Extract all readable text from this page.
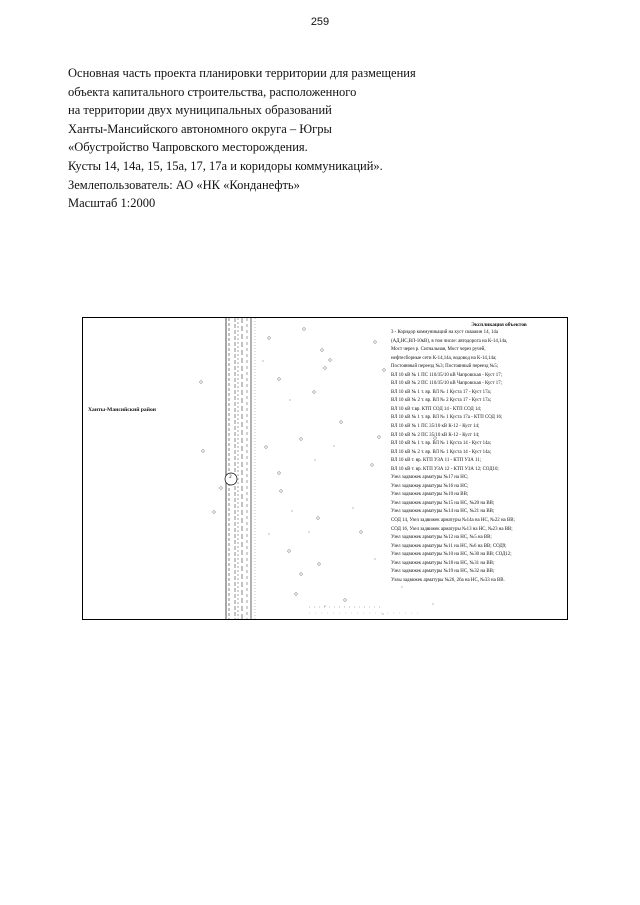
259
Основная часть проекта планировки территории для размещения
объекта капитального строительства, расположенного
на территории двух муниципальных образований
Ханты-Мансийского автономного округа – Югры
«Обустройство Чапровского месторождения.
Кусты 14, 14а, 15, 15а, 17, 17а и коридоры коммуникаций».
Землепользователь: АО «НК «Конданефть»
Масштаб 1:2000
Ханты-Мансийский район
3
Экспликация объектов
3 - Коридор коммуникаций на куст скважин 14, 14а
(АД,НС,ВЛ-10кВ), в том числе: автодорога на К-14,14а,
Мост через р. Сигнальная, Мост через ручей,
нефтесборные сети К-14,14а, водовод на К-14,14а;
Постоянный переезд №3; Постоянный переезд №5;
ВЛ 10 кВ № 1 ПС 110/35/10 кВ Чапровская - Куст 17;
ВЛ 10 кВ № 2 ПС 110/35/10 кВ Чапровская - Куст 17;
ВЛ 10 кВ № 1 т. вр. ВЛ № 1 Куста 17 - Куст 17а;
ВЛ 10 кВ № 2 т. вр. ВЛ № 2 Куста 17 - Куст 17а;
ВЛ 10 кВ т.вр. КТП СОД 14 - КТП СОД 14;
ВЛ 10 кВ № 1 т. вр. ВЛ № 1 Куста 17а - КТП СОД 16;
ВЛ 10 кВ № 1 ПС 35/10 кВ К-12 - Куст 14;
ВЛ 10 кВ № 2 ПС 35/10 кВ К-12 - Куст 14;
ВЛ 10 кВ № 1 т. вр. ВЛ № 1 Куста 14 - Куст 14а;
ВЛ 10 кВ № 2 т. вр. ВЛ № 1 Куста 14 - Куст 14а;
ВЛ 10 кВ т. вр. КТП УЗА 11 - КТП УЗА 11;
ВЛ 10 кВ т. вр. КТП УЗА 12 - КТП УЗА 12; СОД10;
Узел задвижек арматуры №17 на НС;
Узел задвижек арматуры №16 на НС;
Узел задвижек арматуры №10 на ВВ;
Узел задвижек арматуры №15 на НС, №20 на ВВ;
Узел задвижек арматуры №14 на НС, №21 на ВВ;
СОД 14, Узел задвижек арматуры №14а на НС, №22 на ВВ;
СОД 16, Узел задвижек арматуры №13 на НС, №23 на ВВ;
Узел задвижек арматуры №12 на НС, №5 на ВВ;
Узел задвижек арматуры №11 на НС, №6 на ВВ; СОД9;
Узел задвижек арматуры №10 на НС, №30 на ВВ; СОД12;
Узел задвижек арматуры №18 на НС, №31 на ВВ;
Узел задвижек арматуры №19 на НС, №32 на ВВ;
Узлы задвижек арматуры №26, 26а на НС, №33 на ВВ.
